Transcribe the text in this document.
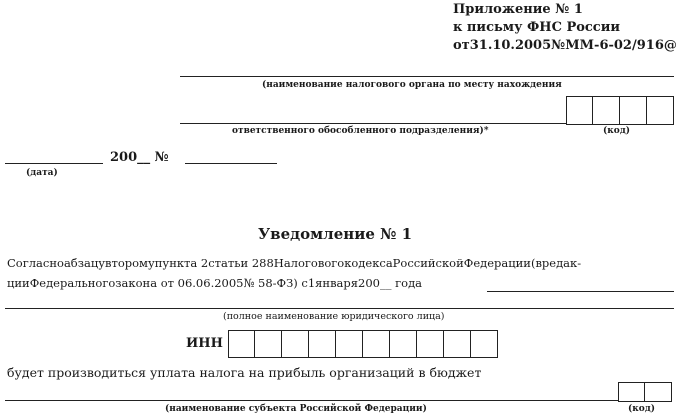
Приложение № 1
к письму ФНС России
от31.10.2005№ММ-6-02/916@
(наименование налогового органа по месту нахождения
ответственного обособленного подразделения)*	(код)
200__ №
(дата)
Уведомление № 1
Согласноабзацувторомупункта 2статьи 288НалоговогокодексаРоссийскойФедерации(вредак-
цииФедеральногозакона от 06.06.2005№ 58-ФЗ) с1января200__ года
(полное наименование юридического лица)
ИНН
будет производиться уплата налога на прибыль организаций в бюджет
(наименование субъекта Российской Федерации)	(код)
